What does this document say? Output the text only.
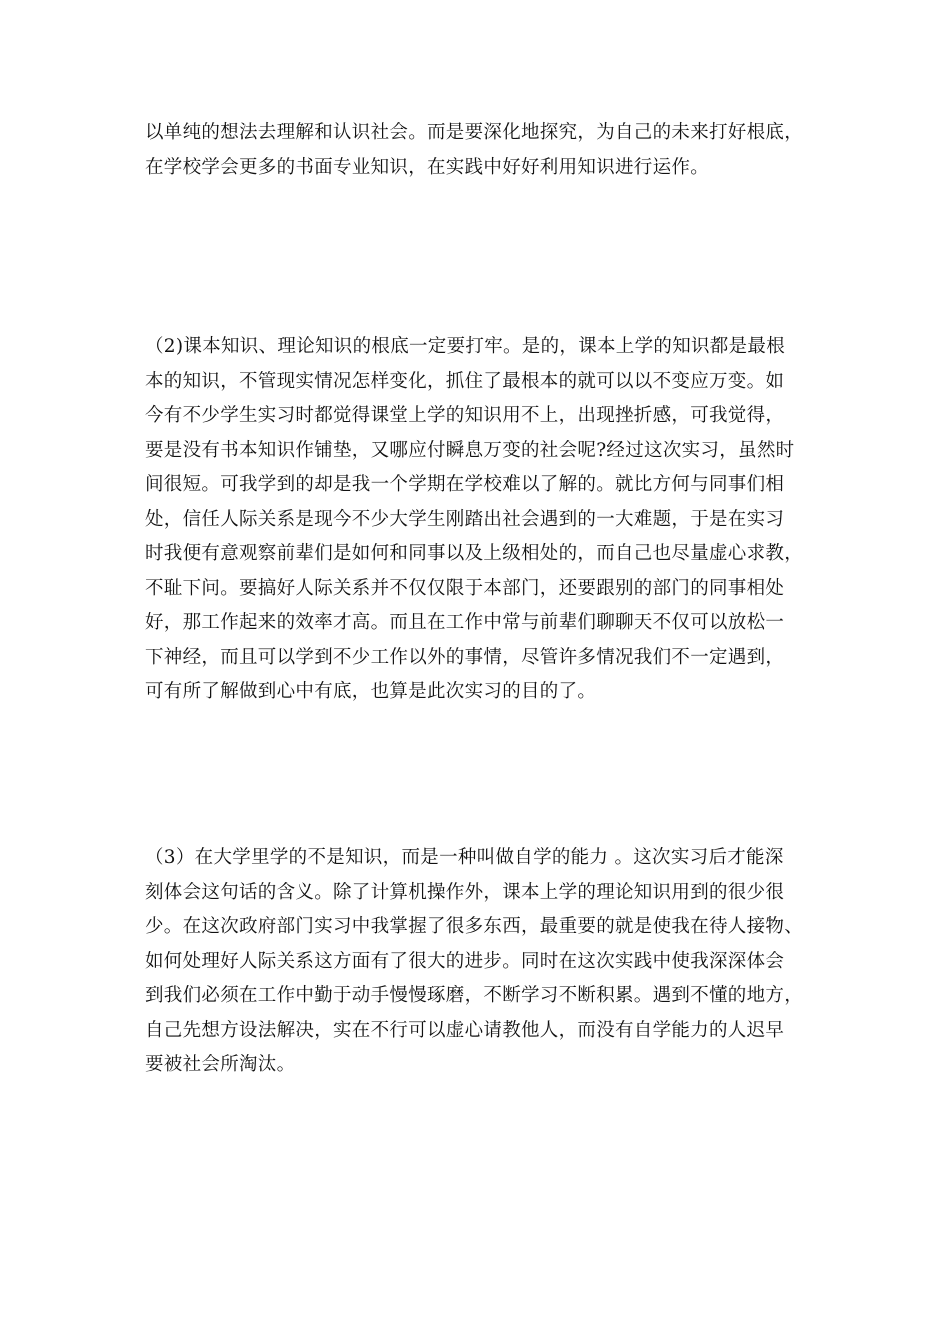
以单纯的想法去理解和认识社会。而是要深化地探究，为自己的未来打好根底，
在学校学会更多的书面专业知识，在实践中好好利用知识进行运作。
（2)课本知识、理论知识的根底一定要打牢。是的，课本上学的知识都是最根
本的知识，不管现实情况怎样变化，抓住了最根本的就可以以不变应万变。如
今有不少学生实习时都觉得课堂上学的知识用不上，出现挫折感，可我觉得，
要是没有书本知识作铺垫，又哪应付瞬息万变的社会呢?经过这次实习，虽然时
间很短。可我学到的却是我一个学期在学校难以了解的。就比方何与同事们相
处，信任人际关系是现今不少大学生刚踏出社会遇到的一大难题，于是在实习
时我便有意观察前辈们是如何和同事以及上级相处的，而自己也尽量虚心求教，
不耻下问。要搞好人际关系并不仅仅限于本部门，还要跟别的部门的同事相处
好，那工作起来的效率才高。而且在工作中常与前辈们聊聊天不仅可以放松一
下神经，而且可以学到不少工作以外的事情，尽管许多情况我们不一定遇到，
可有所了解做到心中有底，也算是此次实习的目的了。
（3）在大学里学的不是知识，而是一种叫做自学的能力 。这次实习后才能深
刻体会这句话的含义。除了计算机操作外，课本上学的理论知识用到的很少很
少。在这次政府部门实习中我掌握了很多东西，最重要的就是使我在待人接物、
如何处理好人际关系这方面有了很大的进步。同时在这次实践中使我深深体会
到我们必须在工作中勤于动手慢慢琢磨，不断学习不断积累。遇到不懂的地方，
自己先想方设法解决，实在不行可以虚心请教他人，而没有自学能力的人迟早
要被社会所淘汰。
